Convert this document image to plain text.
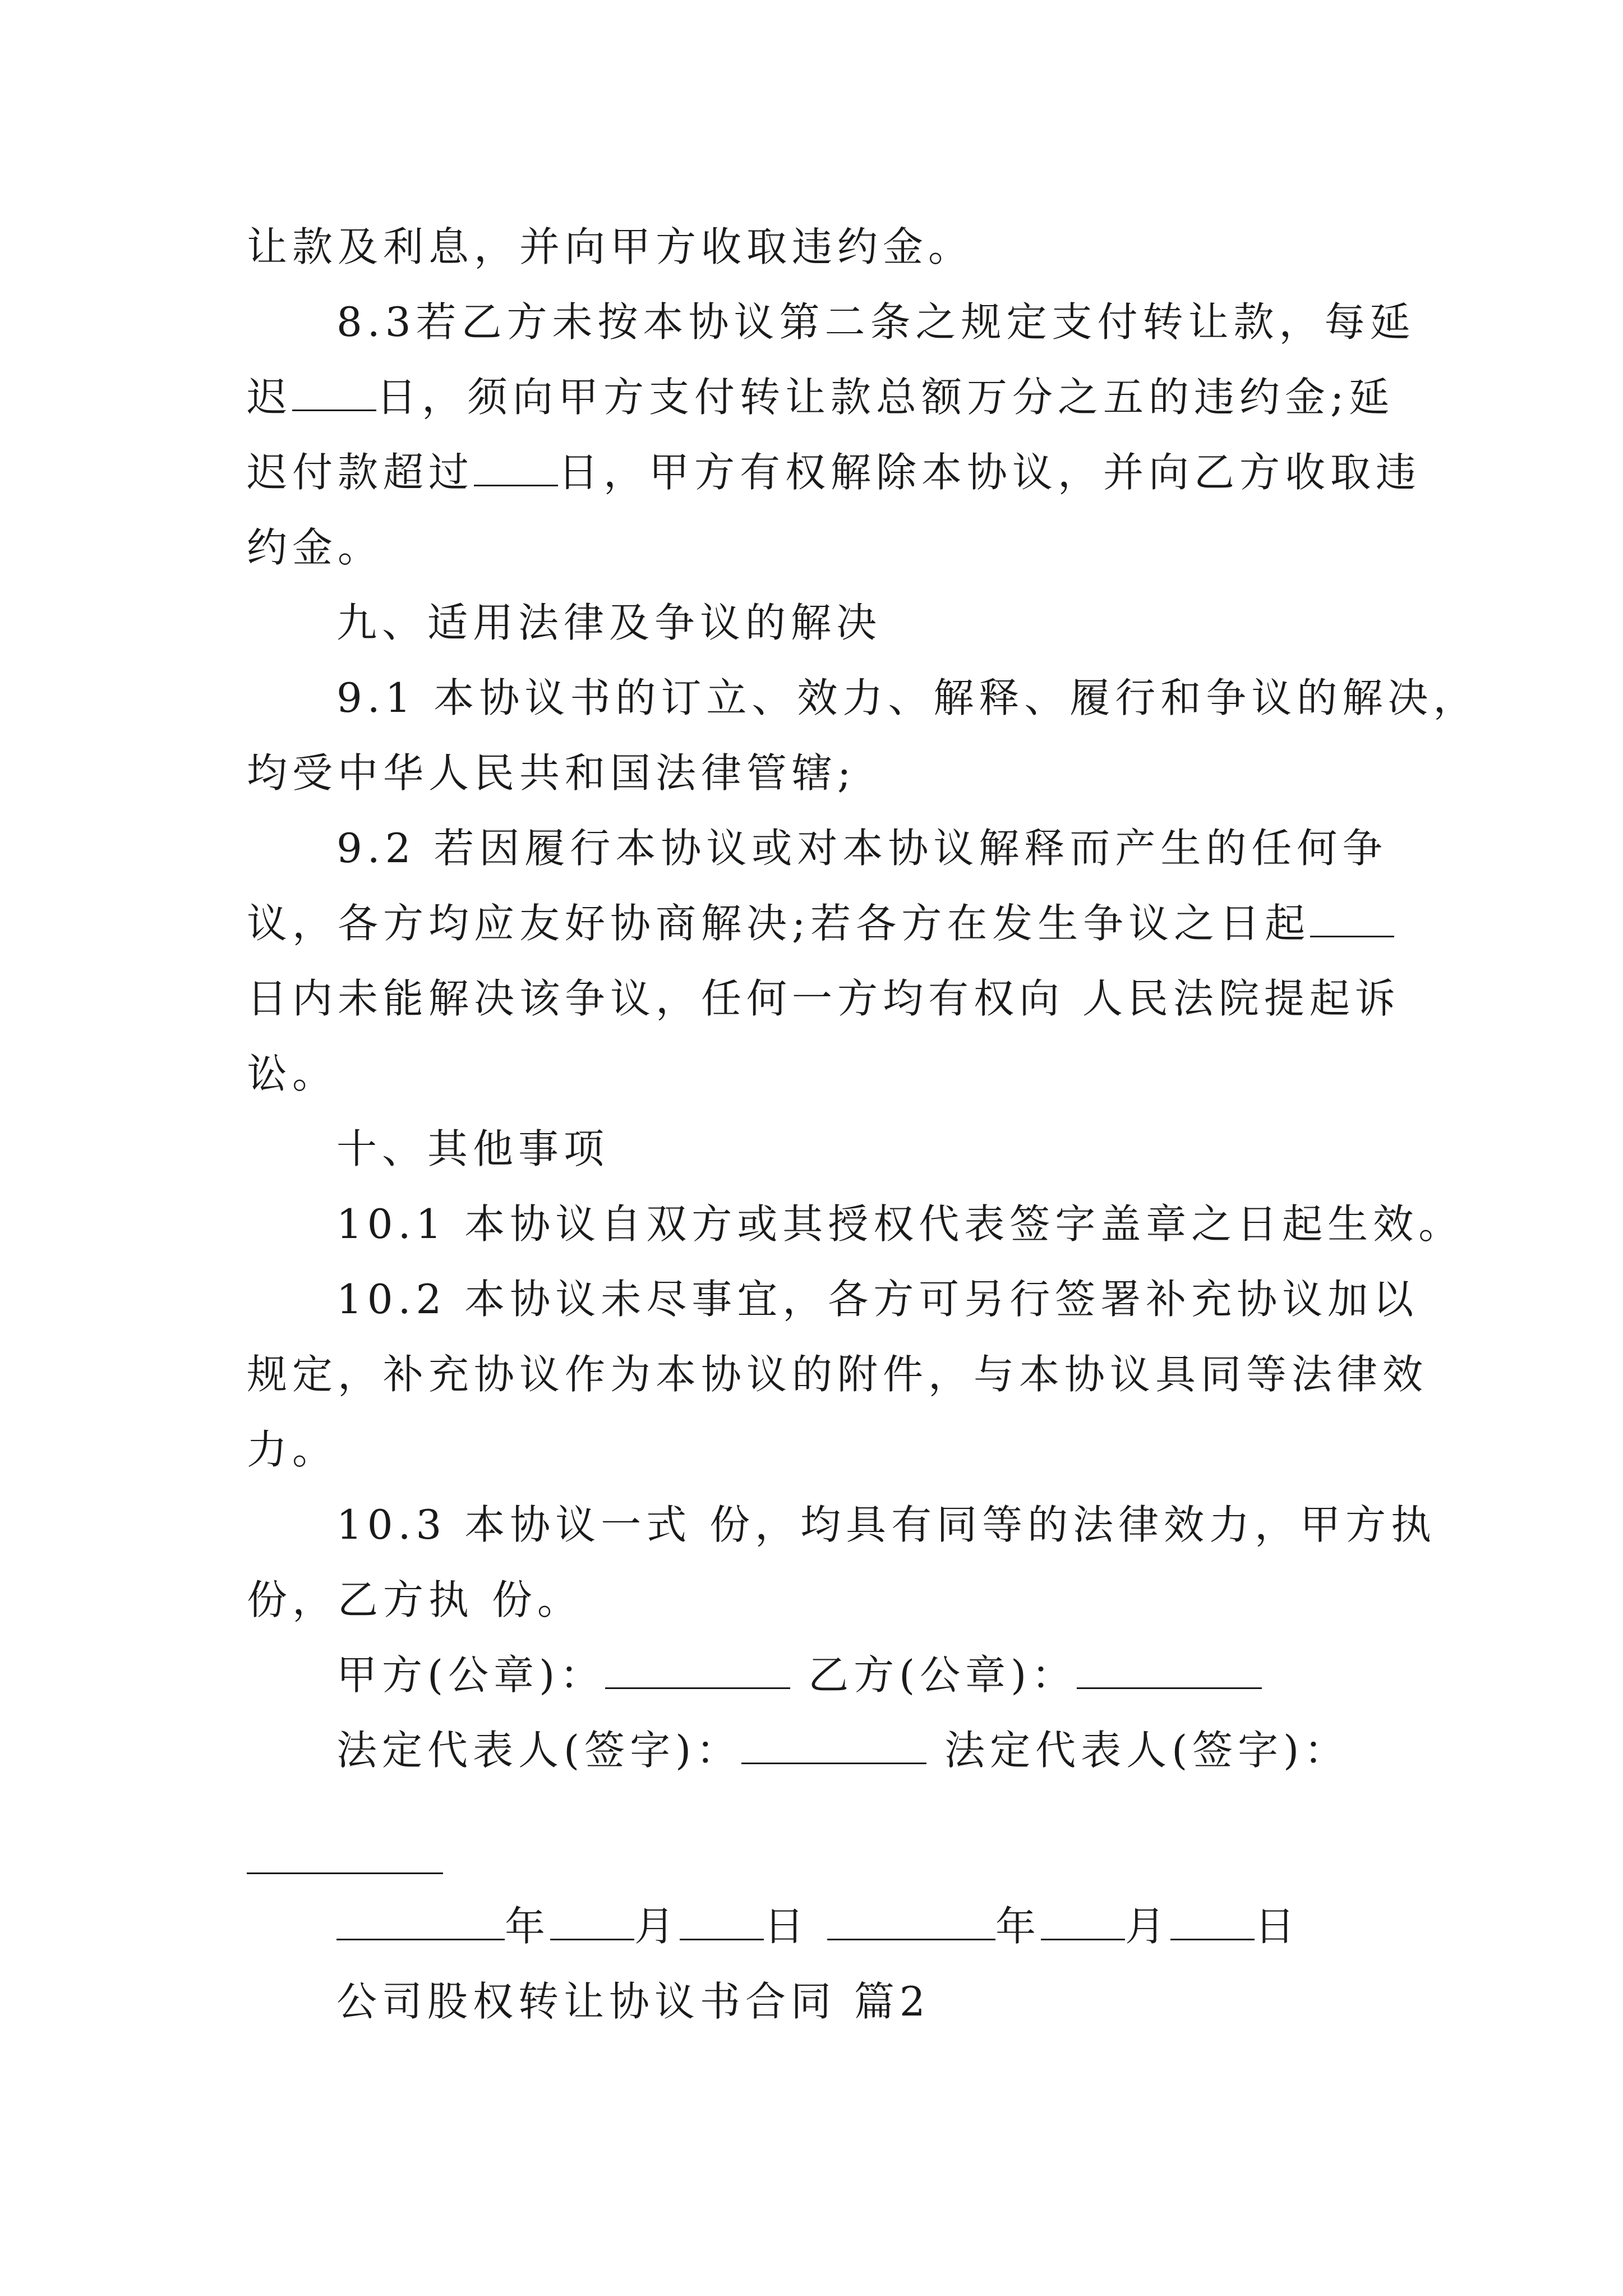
让款及利息，并向甲方收取违约金。
8.3若乙方未按本协议第二条之规定支付转让款，每延
迟 日，须向甲方支付转让款总额万分之五的违约金;延
迟付款超过 日，甲方有权解除本协议，并向乙方收取违
约金。
九、适用法律及争议的解决
9.1 本协议书的订立、效力、解释、履行和争议的解决，
均受中华人民共和国法律管辖;
9.2 若因履行本协议或对本协议解释而产生的任何争
议，各方均应友好协商解决;若各方在发生争议之日起
日内未能解决该争议，任何一方均有权向 人民法院提起诉
讼。
十、其他事项
10.1 本协议自双方或其授权代表签字盖章之日起生效。
10.2 本协议未尽事宜，各方可另行签署补充协议加以
规定，补充协议作为本协议的附件，与本协议具同等法律效
力。
10.3 本协议一式 份，均具有同等的法律效力，甲方执
份，乙方执 份。
甲方(公章)：	乙方(公章)：
法定代表人(签字)：	法定代表人(签字)：
年 月 日	年 月 日
公司股权转让协议书合同 篇2
